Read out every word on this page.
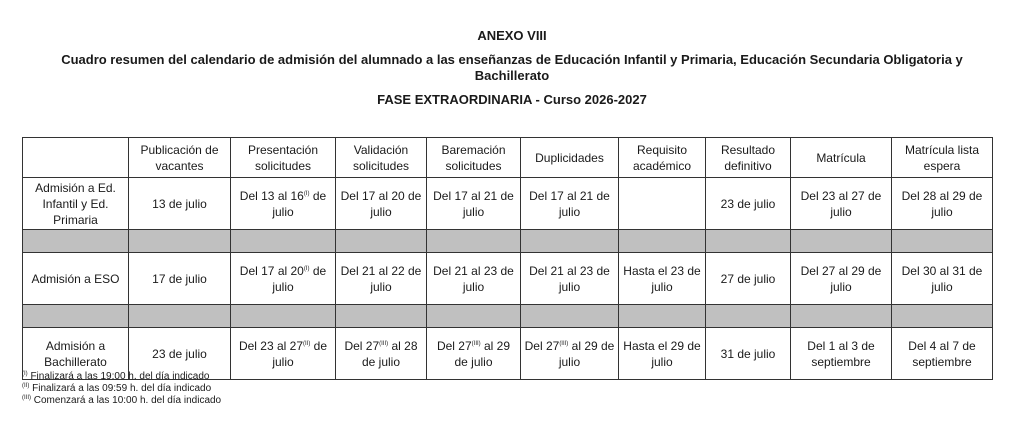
ANEXO VIII
Cuadro resumen del calendario de admisión del alumnado a las enseñanzas de Educación Infantil y Primaria, Educación Secundaria Obligatoria y Bachillerato
FASE EXTRAORDINARIA - Curso 2026-2027
	Publicación de vacantes	Presentación solicitudes	Validación solicitudes	Baremación solicitudes	Duplicidades	Requisito académico	Resultado definitivo	Matrícula	Matrícula lista espera
Admisión a Ed. Infantil y Ed. Primaria	13 de julio	Del 13 al $16^{(I)}$ de julio	Del 17 al 20 de julio	Del 17 al 21 de julio	Del 17 al 21 de julio		23 de julio	Del 23 al 27 de julio	Del 28 al 29 de julio

Admisión a ESO	17 de julio	Del 17 al $20^{(I)}$ de julio	Del 21 al 22 de julio	Del 21 al 23 de julio	Del 21 al 23 de julio	Hasta el 23 de julio	27 de julio	Del 27 al 29 de julio	Del 30 al 31 de julio

Admisión a Bachillerato	23 de julio	Del 23 al $27^{(II)}$ de julio	Del $27^{(III)}$ al 28 de julio	Del $27^{(III)}$ al 29 de julio	Del $27^{(III)}$ al 29 de julio	Hasta el 29 de julio	31 de julio	Del 1 al 3 de septiembre	Del 4 al 7 de septiembre
$^{(I)}$ Finalizará a las 19:00 h. del día indicado
$^{(II)}$ Finalizará a las 09:59 h. del día indicado
$^{(III)}$ Comenzará a las 10:00 h. del día indicado
